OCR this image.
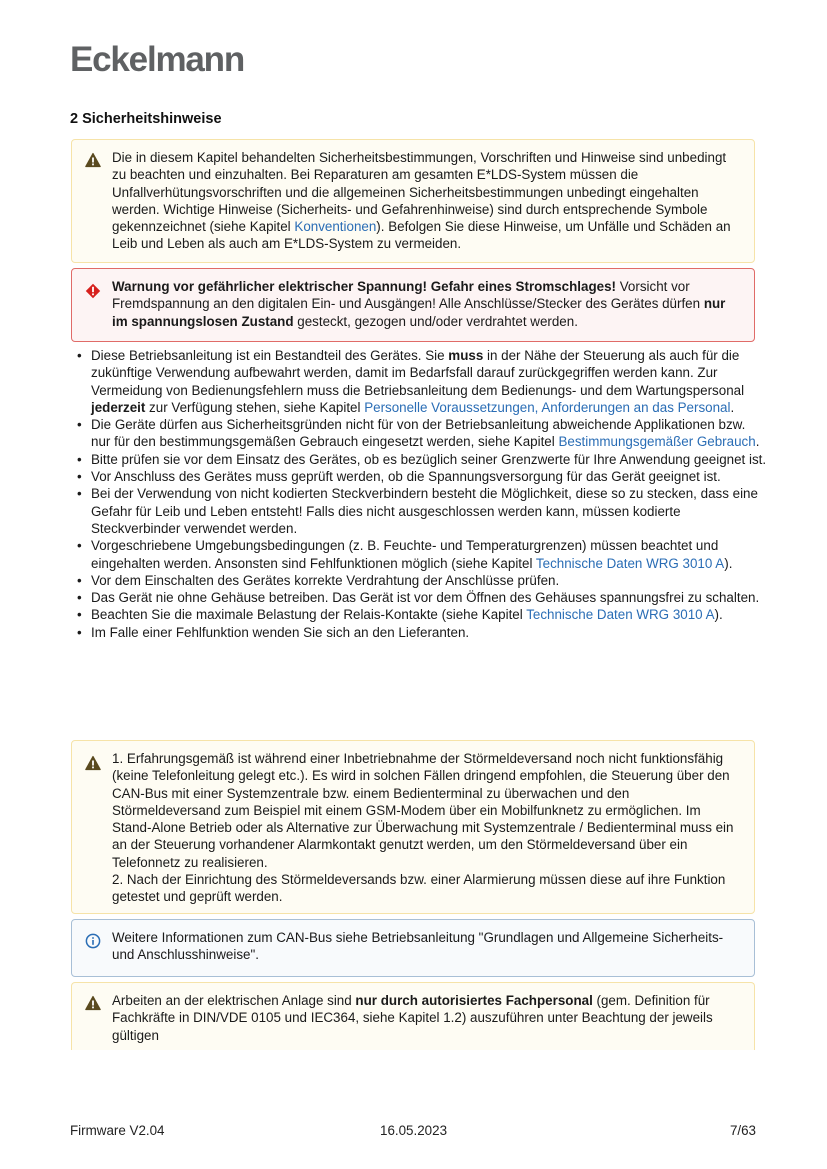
Eckelmann
2 Sicherheitshinweise
Die in diesem Kapitel behandelten Sicherheitsbestimmungen, Vorschriften und Hinweise sind unbedingt zu beachten und einzuhalten. Bei Reparaturen am gesamten E*LDS-System müssen die Unfallverhütungsvorschriften und die allgemeinen Sicherheitsbestimmungen unbedingt eingehalten werden. Wichtige Hinweise (Sicherheits- und Gefahrenhinweise) sind durch entsprechende Symbole gekennzeichnet (siehe Kapitel Konventionen). Befolgen Sie diese Hinweise, um Unfälle und Schäden an Leib und Leben als auch am E*LDS-System zu vermeiden.
Warnung vor gefährlicher elektrischer Spannung! Gefahr eines Stromschlages! Vorsicht vor Fremdspannung an den digitalen Ein- und Ausgängen! Alle Anschlüsse/Stecker des Gerätes dürfen nur im spannungslosen Zustand gesteckt, gezogen und/oder verdrahtet werden.
• Diese Betriebsanleitung ist ein Bestandteil des Gerätes. Sie muss in der Nähe der Steuerung als auch für die zukünftige Verwendung aufbewahrt werden, damit im Bedarfsfall darauf zurückgegriffen werden kann. Zur Vermeidung von Bedienungsfehlern muss die Betriebsanleitung dem Bedienungs- und dem Wartungspersonal jederzeit zur Verfügung stehen, siehe Kapitel Personelle Voraussetzungen, Anforderungen an das Personal.
• Die Geräte dürfen aus Sicherheitsgründen nicht für von der Betriebsanleitung abweichende Applikationen bzw. nur für den bestimmungsgemäßen Gebrauch eingesetzt werden, siehe Kapitel Bestimmungsgemäßer Gebrauch.
• Bitte prüfen sie vor dem Einsatz des Gerätes, ob es bezüglich seiner Grenzwerte für Ihre Anwendung geeignet ist.
• Vor Anschluss des Gerätes muss geprüft werden, ob die Spannungsversorgung für das Gerät geeignet ist.
• Bei der Verwendung von nicht kodierten Steckverbindern besteht die Möglichkeit, diese so zu stecken, dass eine Gefahr für Leib und Leben entsteht! Falls dies nicht ausgeschlossen werden kann, müssen kodierte Steckverbinder verwendet werden.
• Vorgeschriebene Umgebungsbedingungen (z. B. Feuchte- und Temperaturgrenzen) müssen beachtet und eingehalten werden. Ansonsten sind Fehlfunktionen möglich (siehe Kapitel Technische Daten WRG 3010 A).
• Vor dem Einschalten des Gerätes korrekte Verdrahtung der Anschlüsse prüfen.
• Das Gerät nie ohne Gehäuse betreiben. Das Gerät ist vor dem Öffnen des Gehäuses spannungsfrei zu schalten.
• Beachten Sie die maximale Belastung der Relais-Kontakte (siehe Kapitel Technische Daten WRG 3010 A).
• Im Falle einer Fehlfunktion wenden Sie sich an den Lieferanten.
1. Erfahrungsgemäß ist während einer Inbetriebnahme der Störmeldeversand noch nicht funktionsfähig (keine Telefonleitung gelegt etc.). Es wird in solchen Fällen dringend empfohlen, die Steuerung über den CAN-Bus mit einer Systemzentrale bzw. einem Bedienterminal zu überwachen und den Störmeldeversand zum Beispiel mit einem GSM-Modem über ein Mobilfunknetz zu ermöglichen. Im Stand-Alone Betrieb oder als Alternative zur Überwachung mit Systemzentrale / Bedienterminal muss ein an der Steuerung vorhandener Alarmkontakt genutzt werden, um den Störmeldeversand über ein Telefonnetz zu realisieren.
2. Nach der Einrichtung des Störmeldeversands bzw. einer Alarmierung müssen diese auf ihre Funktion getestet und geprüft werden.
Weitere Informationen zum CAN-Bus siehe Betriebsanleitung "Grundlagen und Allgemeine Sicherheits- und Anschlusshinweise".
Arbeiten an der elektrischen Anlage sind nur durch autorisiertes Fachpersonal (gem. Definition für Fachkräfte in DIN/VDE 0105 und IEC364, siehe Kapitel 1.2) auszuführen unter Beachtung der jeweils gültigen
Firmware V2.04	16.05.2023	7/63
